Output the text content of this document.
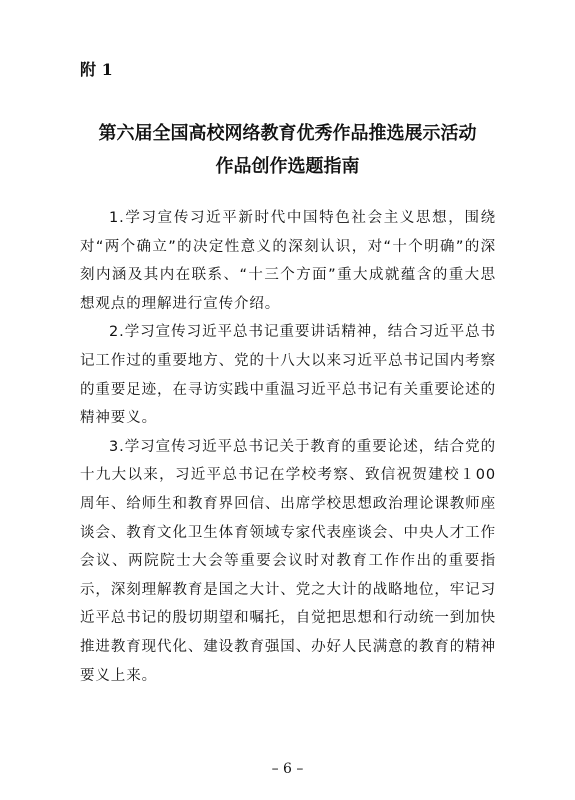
附 1
第六届全国高校网络教育优秀作品推选展示活动
作品创作选题指南

1.学习宣传习近平新时代中国特色社会主义思想，围绕对“两个确立”的决定性意义的深刻认识，对“十个明确”的深刻内涵及其内在联系、“十三个方面”重大成就蕴含的重大思想观点的理解进行宣传介绍。

2.学习宣传习近平总书记重要讲话精神，结合习近平总书记工作过的重要地方、党的十八大以来习近平总书记国内考察的重要足迹，在寻访实践中重温习近平总书记有关重要论述的精神要义。

3.学习宣传习近平总书记关于教育的重要论述，结合党的十九大以来，习近平总书记在学校考察、致信祝贺建校１00周年、给师生和教育界回信、出席学校思想政治理论课教师座谈会、教育文化卫生体育领域专家代表座谈会、中央人才工作会议、两院院士大会等重要会议时对教育工作作出的重要指示，深刻理解教育是国之大计、党之大计的战略地位，牢记习近平总书记的殷切期望和嘱托，自觉把思想和行动统一到加快推进教育现代化、建设教育强国、办好人民满意的教育的精神要义上来。

– 6 –
